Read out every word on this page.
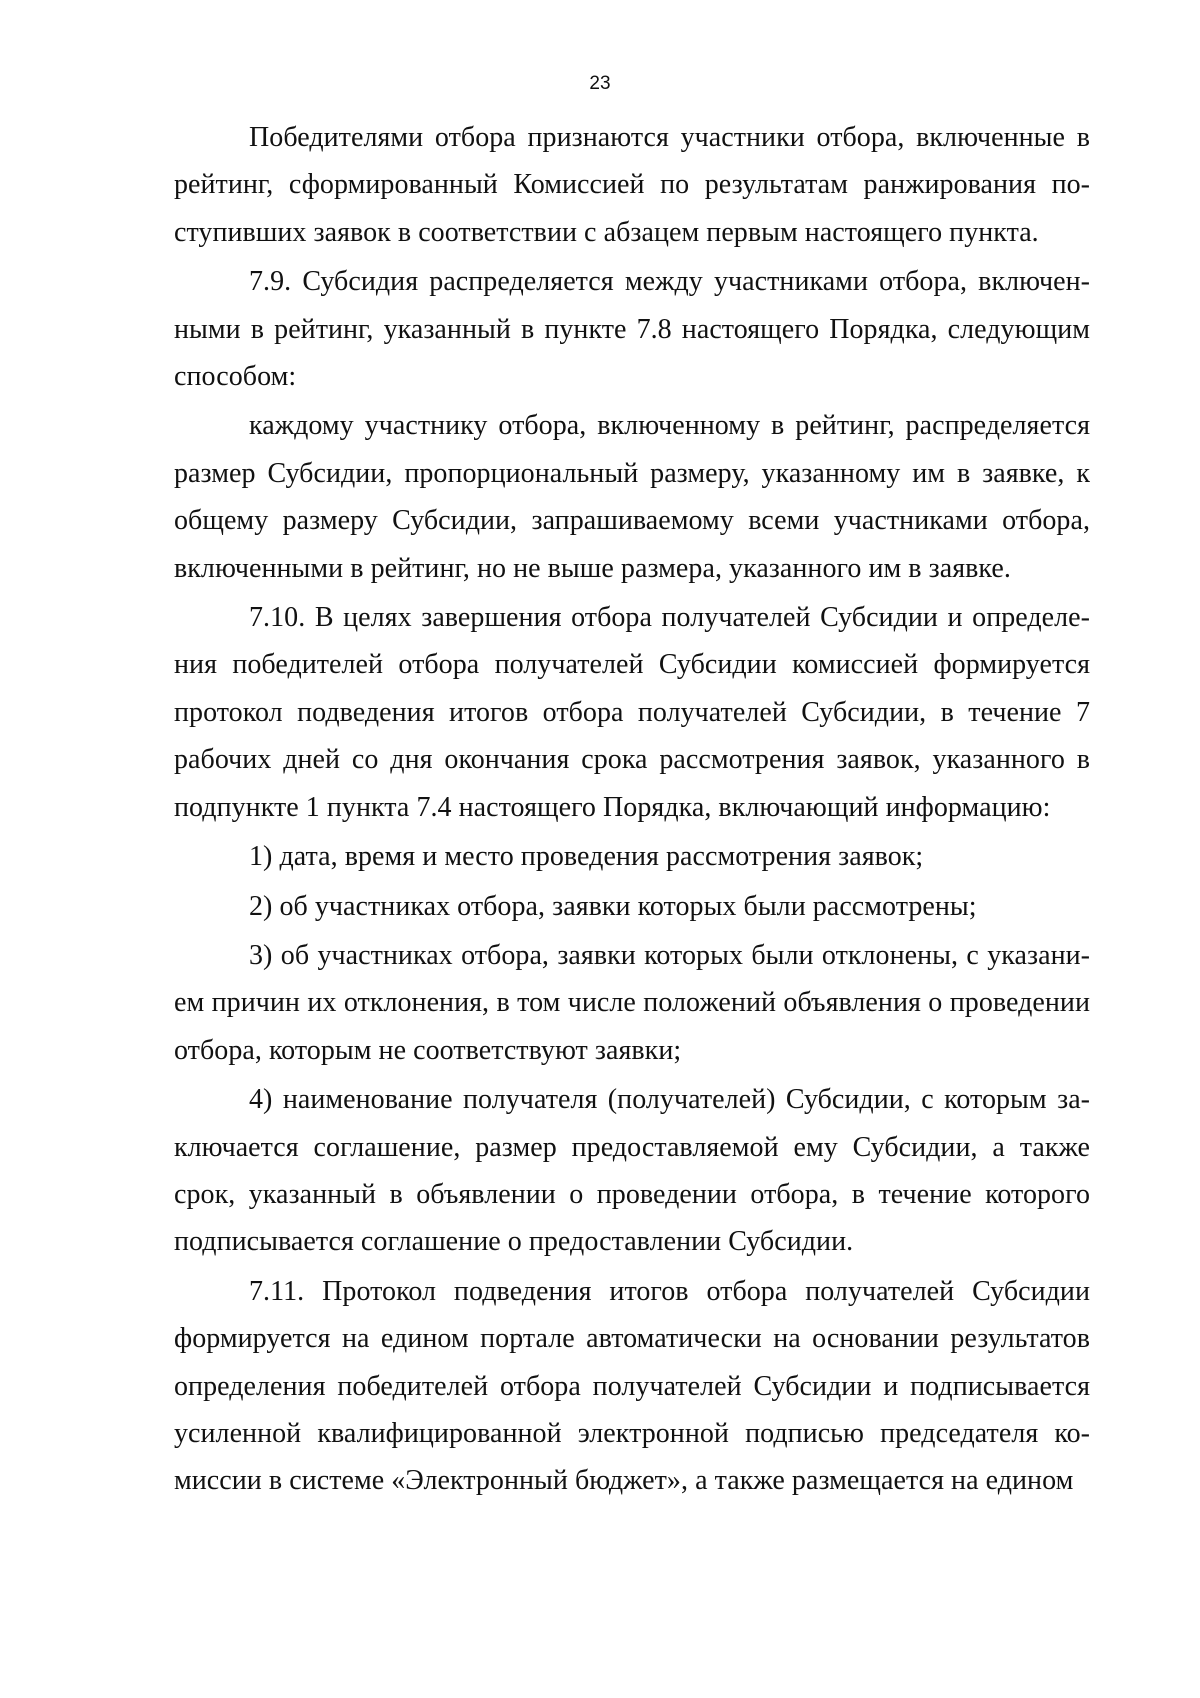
23

Победителями отбора признаются участники отбора, включенные в рейтинг, сформированный Комиссией по результатам ранжирования поступивших заявок в соответствии с абзацем первым настоящего пункта.

7.9. Субсидия распределяется между участниками отбора, включенными в рейтинг, указанный в пункте 7.8 настоящего Порядка, следующим способом:

каждому участнику отбора, включенному в рейтинг, распределяется размер Субсидии, пропорциональный размеру, указанному им в заявке, к общему размеру Субсидии, запрашиваемому всеми участниками отбора, включенными в рейтинг, но не выше размера, указанного им в заявке.

7.10. В целях завершения отбора получателей Субсидии и определения победителей отбора получателей Субсидии комиссией формируется протокол подведения итогов отбора получателей Субсидии, в течение 7 рабочих дней со дня окончания срока рассмотрения заявок, указанного в подпункте 1 пункта 7.4 настоящего Порядка, включающий информацию:

1) дата, время и место проведения рассмотрения заявок;

2) об участниках отбора, заявки которых были рассмотрены;

3) об участниках отбора, заявки которых были отклонены, с указанием причин их отклонения, в том числе положений объявления о проведении отбора, которым не соответствуют заявки;

4) наименование получателя (получателей) Субсидии, с которым заключается соглашение, размер предоставляемой ему Субсидии, а также срок, указанный в объявлении о проведении отбора, в течение которого подписывается соглашение о предоставлении Субсидии.

7.11. Протокол подведения итогов отбора получателей Субсидии формируется на едином портале автоматически на основании результатов определения победителей отбора получателей Субсидии и подписывается усиленной квалифицированной электронной подписью председателя комиссии в системе «Электронный бюджет», а также размещается на едином
